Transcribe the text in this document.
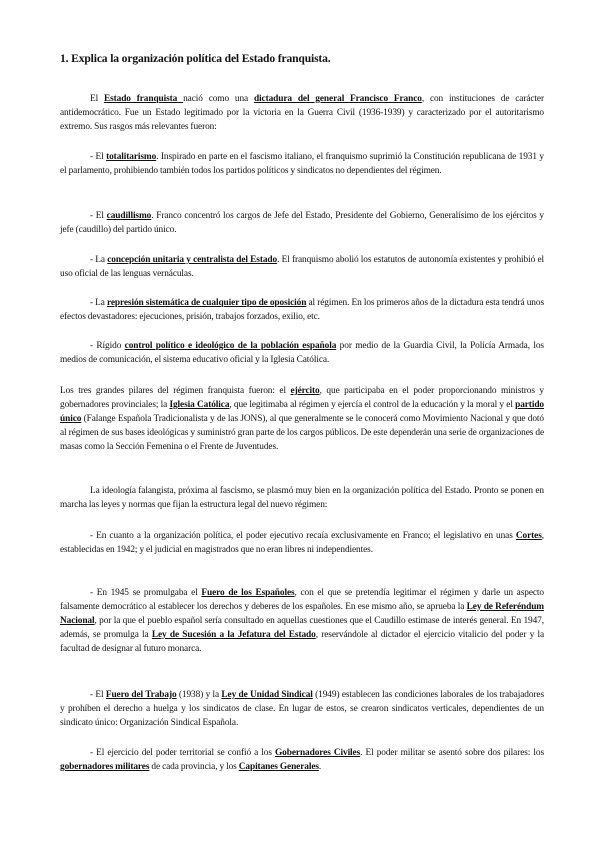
1. Explica la organización política del Estado franquista.

El Estado franquista nació como una dictadura del general Francisco Franco, con instituciones de carácter antidemocrático. Fue un Estado legitimado por la victoria en la Guerra Civil (1936-1939) y caracterizado por el autoritarismo extremo. Sus rasgos más relevantes fueron:

- El totalitarismo. Inspirado en parte en el fascismo italiano, el franquismo suprimió la Constitución republicana de 1931 y el parlamento, prohibiendo también todos los partidos políticos y sindicatos no dependientes del régimen.

- El caudillismo. Franco concentró los cargos de Jefe del Estado, Presidente del Gobierno, Generalísimo de los ejércitos y jefe (caudillo) del partido único.

- La concepción unitaria y centralista del Estado. El franquismo abolió los estatutos de autonomía existentes y prohibió el uso oficial de las lenguas vernáculas.

- La represión sistemática de cualquier tipo de oposición al régimen. En los primeros años de la dictadura esta tendrá unos efectos devastadores: ejecuciones, prisión, trabajos forzados, exilio, etc.

- Rígido control político e ideológico de la población española por medio de la Guardia Civil, la Policía Armada, los medios de comunicación, el sistema educativo oficial y la Iglesia Católica.

Los tres grandes pilares del régimen franquista fueron: el ejército, que participaba en el poder proporcionando ministros y gobernadores provinciales; la Iglesia Católica, que legitimaba al régimen y ejercía el control de la educación y la moral y el partido único (Falange Española Tradicionalista y de las JONS), al que generalmente se le conocerá como Movimiento Nacional y que dotó al régimen de sus bases ideológicas y suministró gran parte de los cargos públicos. De este dependerán una serie de organizaciones de masas como la Sección Femenina o el Frente de Juventudes.

La ideología falangista, próxima al fascismo, se plasmó muy bien en la organización política del Estado. Pronto se ponen en marcha las leyes y normas que fijan la estructura legal del nuevo régimen:

- En cuanto a la organización política, el poder ejecutivo recaía exclusivamente en Franco; el legislativo en unas Cortes, establecidas en 1942; y el judicial en magistrados que no eran libres ni independientes.

- En 1945 se promulgaba el Fuero de los Españoles, con el que se pretendía legitimar el régimen y darle un aspecto falsamente democrático al establecer los derechos y deberes de los españoles. En ese mismo año, se aprueba la Ley de Referéndum Nacional, por la que el pueblo español sería consultado en aquellas cuestiones que el Caudillo estimase de interés general. En 1947, además, se promulga la Ley de Sucesión a la Jefatura del Estado, reservándole al dictador el ejercicio vitalicio del poder y la facultad de designar al futuro monarca.

- El Fuero del Trabajo (1938) y la Ley de Unidad Sindical (1949) establecen las condiciones laborales de los trabajadores y prohíben el derecho a huelga y los sindicatos de clase. En lugar de estos, se crearon sindicatos verticales, dependientes de un sindicato único: Organización Sindical Española.

- El ejercicio del poder territorial se confió a los Gobernadores Civiles. El poder militar se asentó sobre dos pilares: los gobernadores militares de cada provincia, y los Capitanes Generales.
